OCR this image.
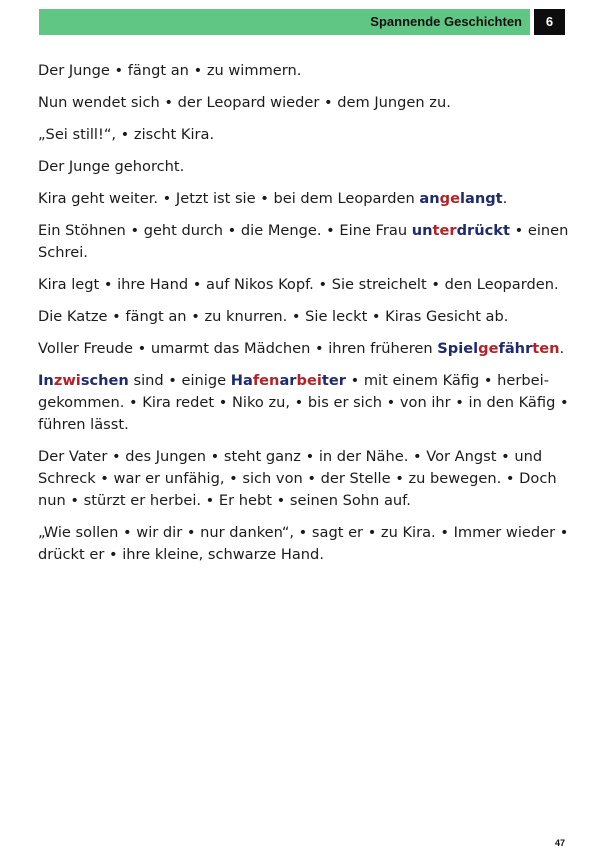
Spannende Geschichten	6

Der Junge • fängt an • zu wimmern.

Nun wendet sich • der Leopard wieder • dem Jungen zu.

„Sei still!“, • zischt Kira.

Der Junge gehorcht.

Kira geht weiter. • Jetzt ist sie • bei dem Leoparden angelangt.

Ein Stöhnen • geht durch • die Menge. • Eine Frau unterdrückt • einen Schrei.

Kira legt • ihre Hand • auf Nikos Kopf. • Sie streichelt • den Leoparden.

Die Katze • fängt an • zu knurren. • Sie leckt • Kiras Gesicht ab.

Voller Freude • umarmt das Mädchen • ihren früheren Spielgefährten.

Inzwischen sind • einige Hafenarbeiter • mit einem Käfig • herbei-gekommen. • Kira redet • Niko zu, • bis er sich • von ihr • in den Käfig • führen lässt.

Der Vater • des Jungen • steht ganz • in der Nähe. • Vor Angst • und Schreck • war er unfähig, • sich von • der Stelle • zu bewegen. • Doch nun • stürzt er herbei. • Er hebt • seinen Sohn auf.

„Wie sollen • wir dir • nur danken“, • sagt er • zu Kira. • Immer wieder • drückt er • ihre kleine, schwarze Hand.

47
